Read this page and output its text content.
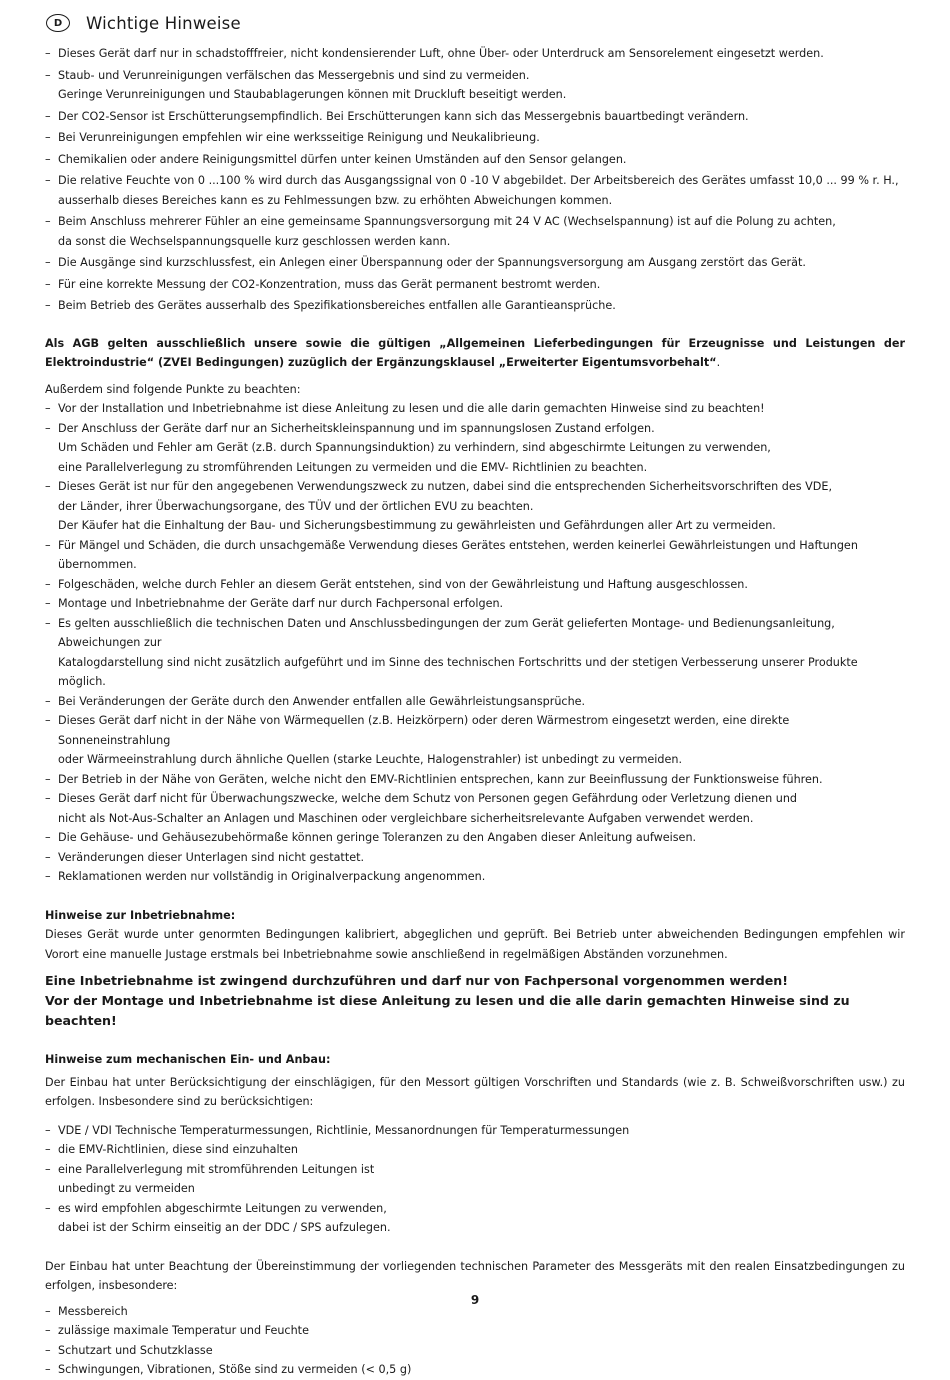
D	Wichtige Hinweise
– Dieses Gerät darf nur in schadstofffreier, nicht kondensierender Luft, ohne Über- oder Unterdruck am Sensorelement eingesetzt werden.
– Staub- und Verunreinigungen verfälschen das Messergebnis und sind zu vermeiden.
Geringe Verunreinigungen und Staubablagerungen können mit Druckluft beseitigt werden.
– Der CO2-Sensor ist Erschütterungsempfindlich. Bei Erschütterungen kann sich das Messergebnis bauartbedingt verändern.
– Bei Verunreinigungen empfehlen wir eine werksseitige Reinigung und Neukalibrieung.
– Chemikalien oder andere Reinigungsmittel dürfen unter keinen Umständen auf den Sensor gelangen.
– Die relative Feuchte von 0 ...100 % wird durch das Ausgangssignal von 0 -10 V abgebildet. Der Arbeitsbereich des Gerätes umfasst 10,0 ... 99 % r. H.,
ausserhalb dieses Bereiches kann es zu Fehlmessungen bzw. zu erhöhten Abweichungen kommen.
– Beim Anschluss mehrerer Fühler an eine gemeinsame Spannungsversorgung mit 24 V AC (Wechselspannung) ist auf die Polung zu achten,
da sonst die Wechselspannungsquelle kurz geschlossen werden kann.
– Die Ausgänge sind kurzschlussfest, ein Anlegen einer Überspannung oder der Spannungsversorgung am Ausgang zerstört das Gerät.
– Für eine korrekte Messung der CO2-Konzentration, muss das Gerät permanent bestromt werden.
– Beim Betrieb des Gerätes ausserhalb des Spezifikationsbereiches entfallen alle Garantieansprüche.
Als AGB gelten ausschließlich unsere sowie die gültigen „Allgemeinen Lieferbedingungen für Erzeugnisse und Leistungen der Elektroindustrie“ (ZVEI Bedingungen) zuzüglich der Ergänzungsklausel „Erweiterter Eigentumsvorbehalt“.
Außerdem sind folgende Punkte zu beachten:
– Vor der Installation und Inbetriebnahme ist diese Anleitung zu lesen und die alle darin gemachten Hinweise sind zu beachten!
– Der Anschluss der Geräte darf nur an Sicherheitskleinspannung und im spannungslosen Zustand erfolgen.
Um Schäden und Fehler am Gerät (z.B. durch Spannungsinduktion) zu verhindern, sind abgeschirmte Leitungen zu verwenden,
eine Parallelverlegung zu stromführenden Leitungen zu vermeiden und die EMV- Richtlinien zu beachten.
– Dieses Gerät ist nur für den angegebenen Verwendungszweck zu nutzen, dabei sind die entsprechenden Sicherheitsvorschriften des VDE,
der Länder, ihrer Überwachungsorgane, des TÜV und der örtlichen EVU zu beachten.
Der Käufer hat die Einhaltung der Bau- und Sicherungsbestimmung zu gewährleisten und Gefährdungen aller Art zu vermeiden.
– Für Mängel und Schäden, die durch unsachgemäße Verwendung dieses Gerätes entstehen, werden keinerlei Gewährleistungen und Haftungen übernommen.
– Folgeschäden, welche durch Fehler an diesem Gerät entstehen, sind von der Gewährleistung und Haftung ausgeschlossen.
– Montage und Inbetriebnahme der Geräte darf nur durch Fachpersonal erfolgen.
– Es gelten ausschließlich die technischen Daten und Anschlussbedingungen der zum Gerät gelieferten Montage- und Bedienungsanleitung, Abweichungen zur
Katalogdarstellung sind nicht zusätzlich aufgeführt und im Sinne des technischen Fortschritts und der stetigen Verbesserung unserer Produkte möglich.
– Bei Veränderungen der Geräte durch den Anwender entfallen alle Gewährleistungsansprüche.
– Dieses Gerät darf nicht in der Nähe von Wärmequellen (z.B. Heizkörpern) oder deren Wärmestrom eingesetzt werden, eine direkte Sonneneinstrahlung
oder Wärmeeinstrahlung durch ähnliche Quellen (starke Leuchte, Halogenstrahler) ist unbedingt zu vermeiden.
– Der Betrieb in der Nähe von Geräten, welche nicht den EMV-Richtlinien entsprechen, kann zur Beeinflussung der Funktionsweise führen.
– Dieses Gerät darf nicht für Überwachungszwecke, welche dem Schutz von Personen gegen Gefährdung oder Verletzung dienen und
nicht als Not-Aus-Schalter an Anlagen und Maschinen oder vergleichbare sicherheitsrelevante Aufgaben verwendet werden.
– Die Gehäuse- und Gehäusezubehörmaße können geringe Toleranzen zu den Angaben dieser Anleitung aufweisen.
– Veränderungen dieser Unterlagen sind nicht gestattet.
– Reklamationen werden nur vollständig in Originalverpackung angenommen.
Hinweise zur Inbetriebnahme:
Dieses Gerät wurde unter genormten Bedingungen kalibriert, abgeglichen und geprüft. Bei Betrieb unter abweichenden Bedingungen empfehlen wir Vorort eine manuelle Justage erstmals bei Inbetriebnahme sowie anschließend in regelmäßigen Abständen vorzunehmen.
Eine Inbetriebnahme ist zwingend durchzuführen und darf nur von Fachpersonal vorgenommen werden!
Vor der Montage und Inbetriebnahme ist diese Anleitung zu lesen und die alle darin gemachten Hinweise sind zu beachten!
Hinweise zum mechanischen Ein- und Anbau:
Der Einbau hat unter Berücksichtigung der einschlägigen, für den Messort gültigen Vorschriften und Standards (wie z. B. Schweißvorschriften usw.) zu erfolgen. Insbesondere sind zu berücksichtigen:
– VDE / VDI Technische Temperaturmessungen, Richtlinie, Messanordnungen für Temperaturmessungen
– die EMV-Richtlinien, diese sind einzuhalten
– eine Parallelverlegung mit stromführenden Leitungen ist
unbedingt zu vermeiden
– es wird empfohlen abgeschirmte Leitungen zu verwenden,
dabei ist der Schirm einseitig an der DDC / SPS aufzulegen.
Der Einbau hat unter Beachtung der Übereinstimmung der vorliegenden technischen Parameter des Messgeräts mit den realen Einsatzbedingungen zu erfolgen, insbesondere:
– Messbereich
– zulässige maximale Temperatur und Feuchte
– Schutzart und Schutzklasse
– Schwingungen, Vibrationen, Stöße sind zu vermeiden (< 0,5 g)
9
